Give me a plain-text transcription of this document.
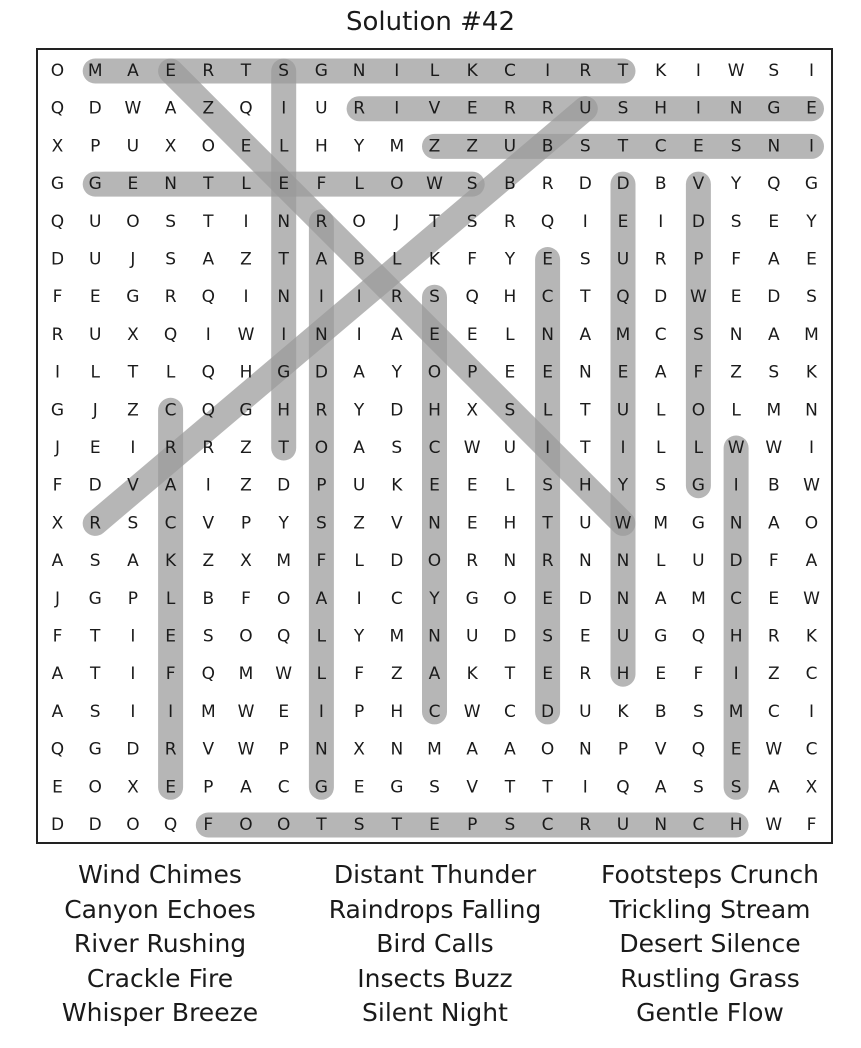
Solution #42
O M A E R T S G N I L K C I R T K I W S I
Q D W A Z Q I U R I V E R R U S H I N G E
X P U X O E L H Y M Z Z U B S T C E S N I
G G E N T L E F L O W S B R D D B V Y Q G
Q U O S T I N R O J T S R Q I E I D S E Y
D U J S A Z T A B L K F Y E S U R P F A E
F E G R Q I N I I R S Q H C T Q D W E D S
R U X Q I W I N I A E E L N A M C S N A M
I L T L Q H G D A Y O P E E N E A F Z S K
G J Z C Q G H R Y D H X S L T U L O L M N
J E I R R Z T O A S C W U I T I L L W W I
F D V A I Z D P U K E E L S H Y S G I B W
X R S C V P Y S Z V N E H T U W M G N A O
A S A K Z X M F L D O R N R N N L U D F A
J G P L B F O A I C Y G O E D N A M C E W
F T I E S O Q L Y M N U D S E U G Q H R K
A T I F Q M W L F Z A K T E R H E F I Z C
A S I I M W E I P H C W C D U K B S M C I
Q G D R V W P N X N M A A O N P V Q E W C
E O X E P A C G E G S V T T I Q A S S A X
D D O Q F O O T S T E P S C R U N C H W F
Wind Chimes
Canyon Echoes
River Rushing
Crackle Fire
Whisper Breeze
Distant Thunder
Raindrops Falling
Bird Calls
Insects Buzz
Silent Night
Footsteps Crunch
Trickling Stream
Desert Silence
Rustling Grass
Gentle Flow
